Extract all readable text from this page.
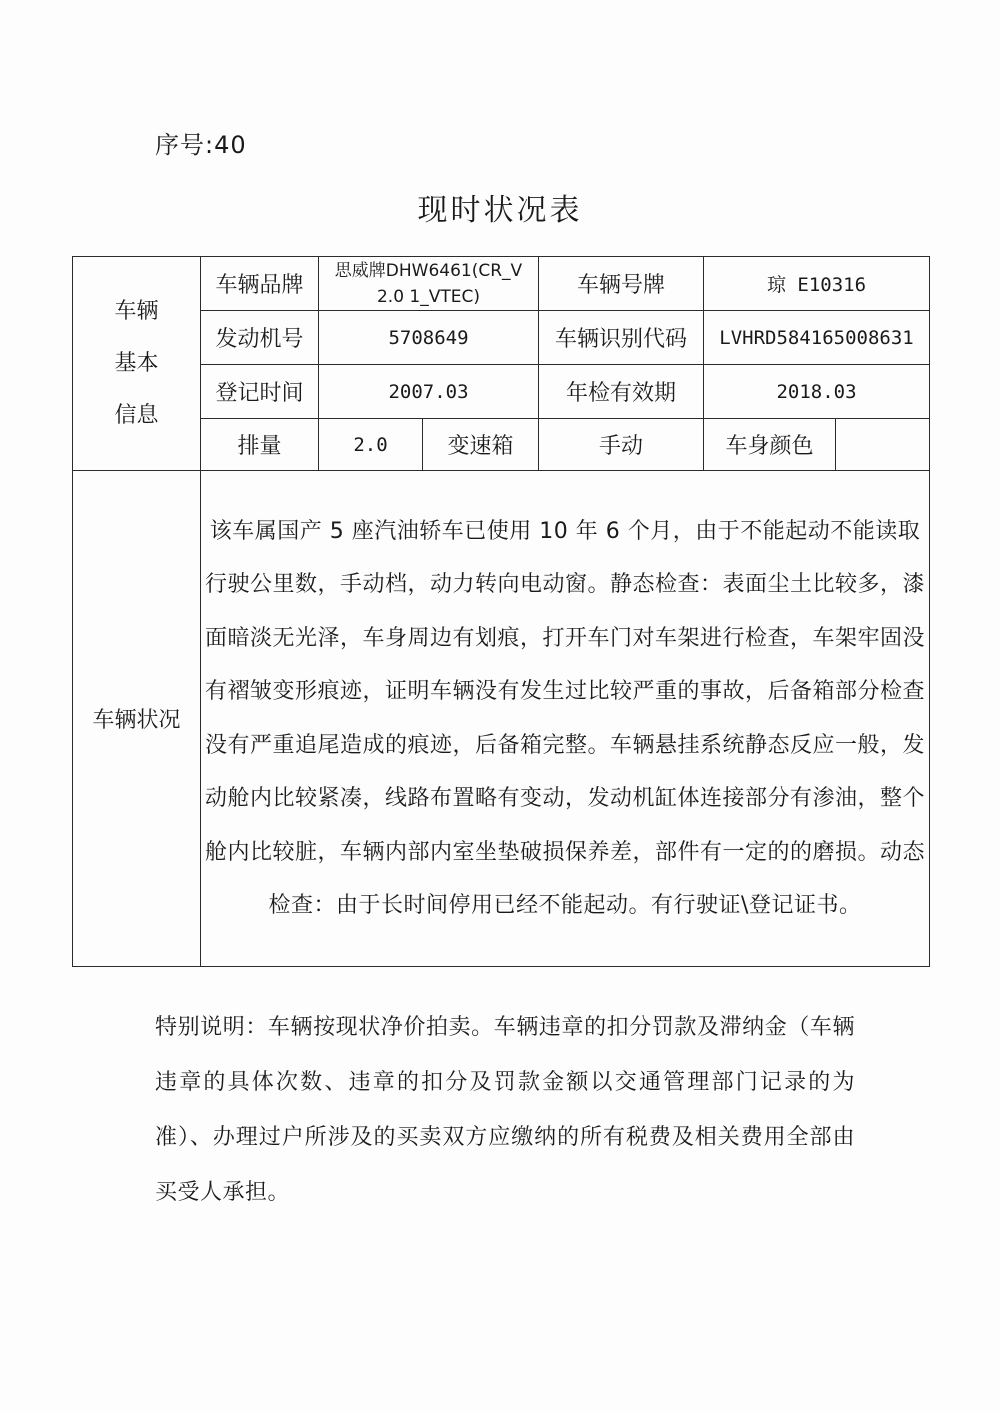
序号:40
现时状况表
车辆
基本
信息	车辆品牌	思威牌DHW6461(CR_V 2.0 1_VTEC)		车辆号牌	琼 E10316	
	发动机号	5708649		车辆识别代码	LVHRD584165008631	
	登记时间	2007.03		年检有效期	2018.03	
	排量	2.0	变速箱	手动	车身颜色	
车辆状况	该车属国产 5 座汽油轿车已使用 10 年 6 个月，由于不能起动不能读取行驶公里数，手动档，动力转向电动窗。静态检查：表面尘土比较多，漆面暗淡无光泽，车身周边有划痕，打开车门对车架进行检查，车架牢固没有褶皱变形痕迹，证明车辆没有发生过比较严重的事故，后备箱部分检查没有严重追尾造成的痕迹，后备箱完整。车辆悬挂系统静态反应一般，发动舱内比较紧凑，线路布置略有变动，发动机缸体连接部分有渗油，整个舱内比较脏，车辆内部内室坐垫破损保养差，部件有一定的的磨损。动态检查：由于长时间停用已经不能起动。有行驶证\登记证书。					
特别说明：车辆按现状净价拍卖。车辆违章的扣分罚款及滞纳金（车辆违章的具体次数、违章的扣分及罚款金额以交通管理部门记录的为准）、办理过户所涉及的买卖双方应缴纳的所有税费及相关费用全部由买受人承担。
